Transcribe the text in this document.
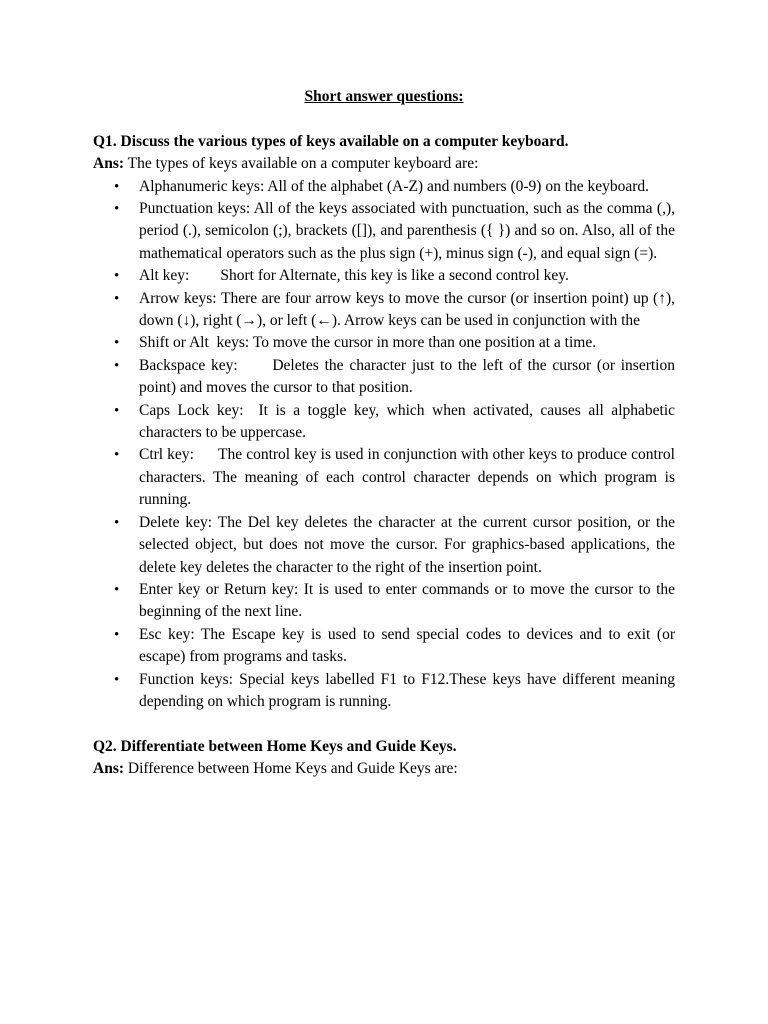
Short answer questions:

Q1. Discuss the various types of keys available on a computer keyboard.

Ans: The types of keys available on a computer keyboard are:

• Alphanumeric keys: All of the alphabet (A-Z) and numbers (0-9) on the keyboard.
• Punctuation keys: All of the keys associated with punctuation, such as the comma (,), period (.), semicolon (;), brackets ([]), and parenthesis ({ }) and so on. Also, all of the mathematical operators such as the plus sign (+), minus sign (-), and equal sign (=).
• Alt key:        Short for Alternate, this key is like a second control key.
• Arrow keys: There are four arrow keys to move the cursor (or insertion point) up (↑), down (↓), right (→), or left (←). Arrow keys can be used in conjunction with the
• Shift or Alt  keys: To move the cursor in more than one position at a time.
• Backspace key:      Deletes the character just to the left of the cursor (or insertion point) and moves the cursor to that position.
• Caps Lock key:  It is a toggle key, which when activated, causes all alphabetic characters to be uppercase.
• Ctrl key:      The control key is used in conjunction with other keys to produce control characters. The meaning of each control character depends on which program is running.
• Delete key: The Del key deletes the character at the current cursor position, or the selected object, but does not move the cursor. For graphics-based applications, the delete key deletes the character to the right of the insertion point.
• Enter key or Return key: It is used to enter commands or to move the cursor to the beginning of the next line.
• Esc key: The Escape key is used to send special codes to devices and to exit (or escape) from programs and tasks.
• Function keys: Special keys labelled F1 to F12.These keys have different meaning depending on which program is running.

Q2. Differentiate between Home Keys and Guide Keys.

Ans: Difference between Home Keys and Guide Keys are:
